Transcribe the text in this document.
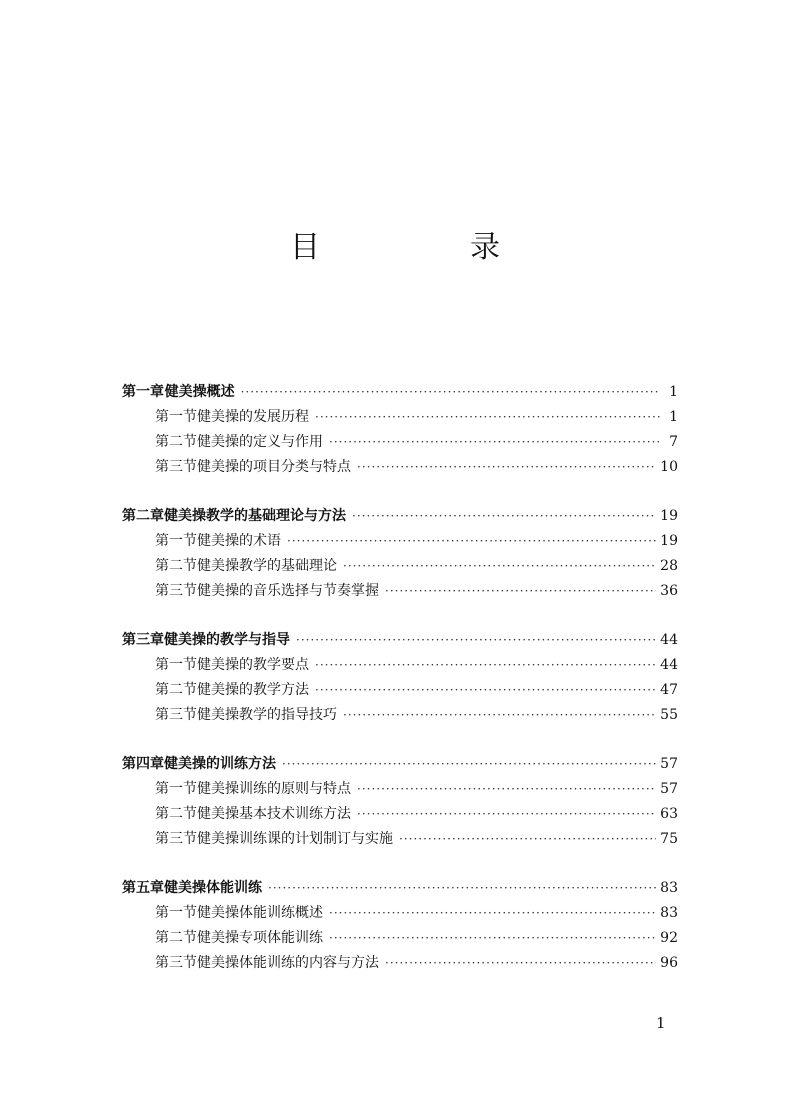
目　录
第一章 健美操概述 ·····	1
第一节 健美操的发展历程 ·····	1
第二节 健美操的定义与作用 ·····	7
第三节 健美操的项目分类与特点 ·····	10
第二章 健美操教学的基础理论与方法 ·····	19
第一节 健美操的术语 ·····	19
第二节 健美操教学的基础理论 ·····	28
第三节 健美操的音乐选择与节奏掌握 ·····	36
第三章 健美操的教学与指导 ·····	44
第一节 健美操的教学要点 ·····	44
第二节 健美操的教学方法 ·····	47
第三节 健美操教学的指导技巧 ·····	55
第四章 健美操的训练方法 ·····	57
第一节 健美操训练的原则与特点 ·····	57
第二节 健美操基本技术训练方法 ·····	63
第三节 健美操训练课的计划制订与实施 ·····	75
第五章 健美操体能训练 ·····	83
第一节 健美操体能训练概述 ·····	83
第二节 健美操专项体能训练 ·····	92
第三节 健美操体能训练的内容与方法 ·····	96
1
